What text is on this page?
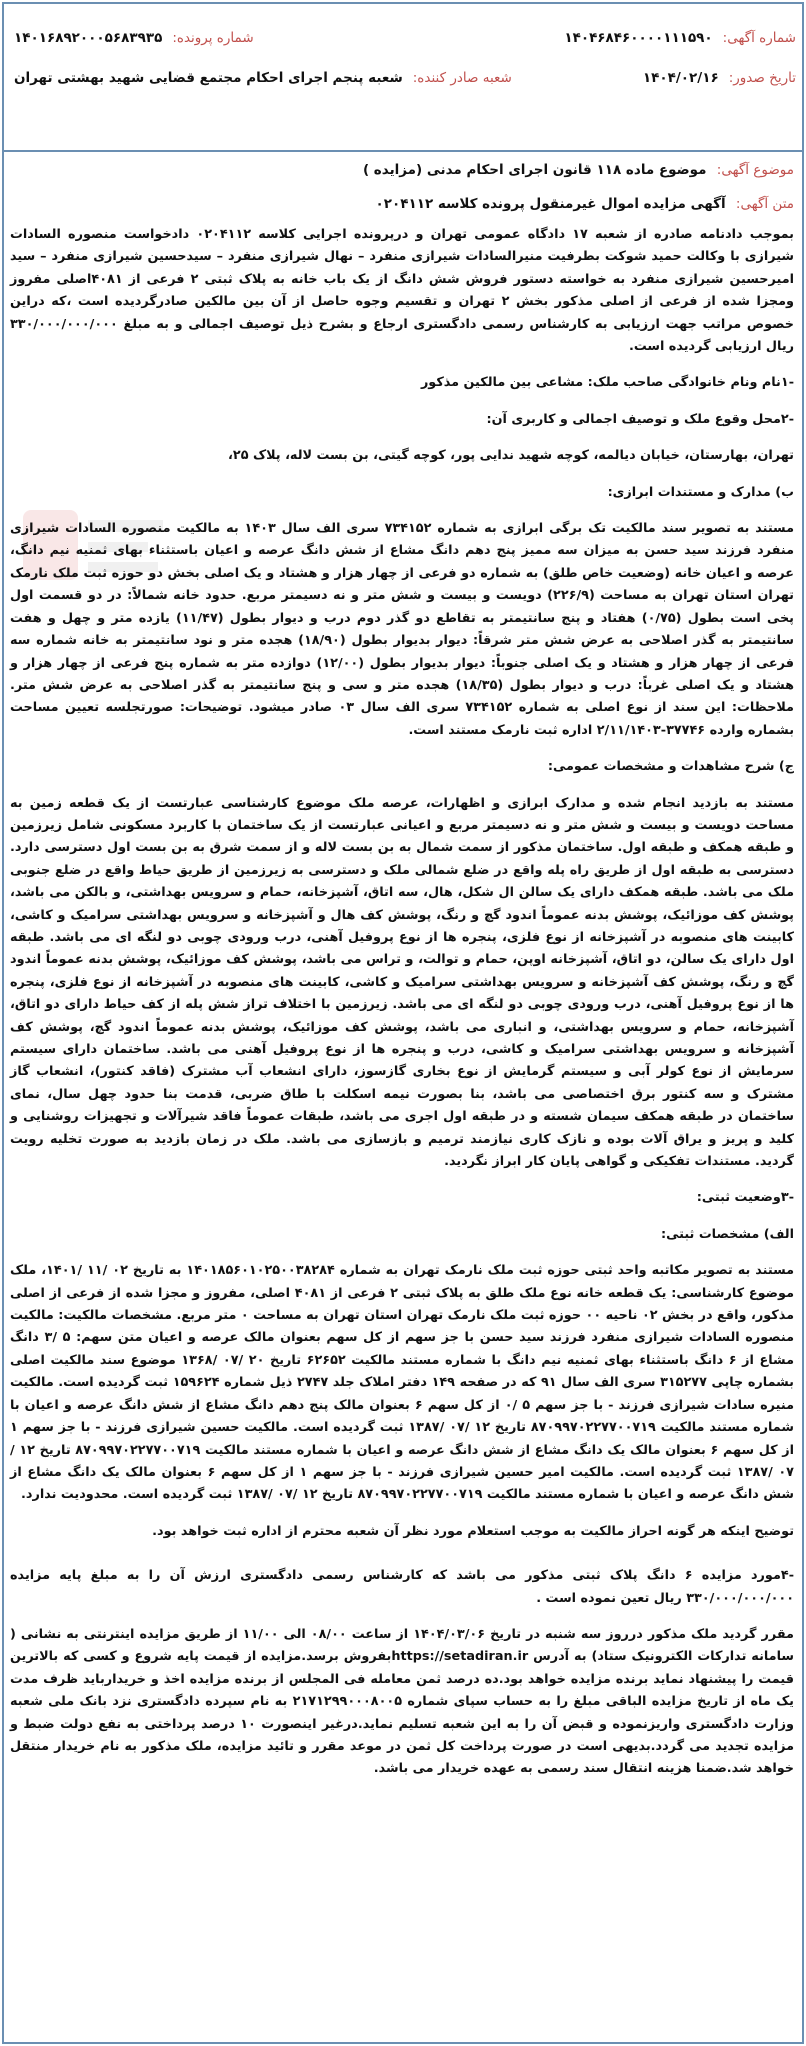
شماره آگهی:
۱۴۰۴۶۸۴۶۰۰۰۰۱۱۱۵۹۰
شماره پرونده:
۱۴۰۱۶۸۹۲۰۰۰۵۶۸۳۹۳۵
تاریخ صدور:
۱۴۰۴/۰۲/۱۶
شعبه صادر کننده:
شعبه پنجم اجرای احکام مجتمع قضایی شهید بهشتی تهران
موضوع آگهی: موضوع ماده ۱۱۸ قانون اجرای احکام مدنی (مزایده )
متن آگهی: آگهی مزایده اموال غیرمنقول پرونده کلاسه ۰۲۰۴۱۱۲

بموجب دادنامه صادره از شعبه ۱۷ دادگاه عمومی تهران و درپرونده اجرایی کلاسه ۰۲۰۴۱۱۲ دادخواست منصوره السادات شیرازی با وکالت حمید شوکت بطرفیت منیرالسادات شیرازی منفرد – نهال شیرازی منفرد – سیدحسین شیرازی منفرد – سید امیرحسین شیرازی منفرد به خواسته دستور فروش شش دانگ از یک باب خانه به پلاک ثبتی ۲ فرعی از ۴۰۸۱اصلی مفروز ومجزا شده از فرعی از اصلی مذکور بخش ۲ تهران و تقسیم وجوه حاصل از آن بین مالکین صادرگردیده است ،که دراین خصوص مراتب جهت ارزیابی به کارشناس رسمی دادگستری ارجاع و بشرح ذیل توصیف اجمالی و به مبلغ ۳۳۰/۰۰۰/۰۰۰/۰۰۰ ریال ارزیابی گردیده است.

-۱نام ونام خانوادگی صاحب ملک: مشاعی بین مالکین مذکور

-۲محل وقوع ملک و توصیف اجمالی و کاربری آن:

تهران، بهارستان، خیابان دیالمه، کوچه شهید ندایی پور، کوچه گیتی، بن بست لاله، پلاک ۲۵،

ب) مدارک و مستندات ابرازی:

مستند به تصویر سند مالکیت تک برگی ابرازی به شماره ۷۳۴۱۵۲ سری الف سال ۱۴۰۳ به مالکیت منصوره السادات شیرازی منفرد فرزند سید حسن به میزان سه ممیز پنج دهم دانگ مشاع از شش دانگ عرصه و اعیان باستثناء بهای ثمنیه نیم دانگ، عرصه و اعیان خانه (وضعیت خاص طلق) به شماره دو فرعی از چهار هزار و هشتاد و یک اصلی بخش دو حوزه ثبت ملک نارمک تهران استان تهران به مساحت (۲۲۶/۹) دویست و بیست و شش متر و نه دسیمتر مربع. حدود خانه شمالاً: در دو قسمت اول پخی است بطول (۰/۷۵) هفتاد و پنج سانتیمتر به تقاطع دو گذر دوم درب و دیوار بطول (۱۱/۴۷) یازده متر و چهل و هفت سانتیمتر به گذر اصلاحی به عرض شش متر شرقاً: دیوار بدیوار بطول (۱۸/۹۰) هجده متر و نود سانتیمتر به خانه شماره سه فرعی از چهار هزار و هشتاد و یک اصلی جنوباً: دیوار بدیوار بطول (۱۲/۰۰) دوازده متر به شماره پنج فرعی از چهار هزار و هشتاد و یک اصلی غرباً: درب و دیوار بطول (۱۸/۳۵) هجده متر و سی و پنج سانتیمتر به گذر اصلاحی به عرض شش متر. ملاحظات: این سند از نوع اصلی به شماره ۷۳۴۱۵۲ سری الف سال ۰۳ صادر میشود. توضیحات: صورتجلسه تعیین مساحت بشماره وارده ۳۷۷۴۶-۲/۱۱/۱۴۰۳ اداره ثبت نارمک مستند است.

ج) شرح مشاهدات و مشخصات عمومی:

مستند به بازدید انجام شده و مدارک ابرازی و اظهارات، عرصه ملک موضوع کارشناسی عبارتست از یک قطعه زمین به مساحت دویست و بیست و شش متر و نه دسیمتر مربع و اعیانی عبارتست از یک ساختمان با کاربرد مسکونی شامل زیرزمین و طبقه همکف و طبقه اول. ساختمان مذکور از سمت شمال به بن بست لاله و از سمت شرق به بن بست اول دسترسی دارد. دسترسی به طبقه اول از طریق راه پله واقع در ضلع شمالی ملک و دسترسی به زیرزمین از طریق حیاط واقع در ضلع جنوبی ملک می باشد. طبقه همکف دارای یک سالن ال شکل، هال، سه اتاق، آشپزخانه، حمام و سرویس بهداشتی، و بالکن می باشد، پوشش کف موزائیک، پوشش بدنه عموماً اندود گچ و رنگ، پوشش کف هال و آشپزخانه و سرویس بهداشتی سرامیک و کاشی، کابینت های منصوبه در آشپزخانه از نوع فلزی، پنجره ها از نوع پروفیل آهنی، درب ورودی چوبی دو لنگه ای می باشد. طبقه اول دارای یک سالن، دو اتاق، آشپزخانه اوپن، حمام و توالت، و تراس می باشد، پوشش کف موزائیک، پوشش بدنه عموماً اندود گچ و رنگ، پوشش کف آشپزخانه و سرویس بهداشتی سرامیک و کاشی، کابینت های منصوبه در آشپزخانه از نوع فلزی، پنجره ها از نوع پروفیل آهنی، درب ورودی چوبی دو لنگه ای می باشد. زیرزمین با اختلاف تراز شش پله از کف حیاط دارای دو اتاق، آشپزخانه، حمام و سرویس بهداشتی، و انباری می باشد، پوشش کف موزائیک، پوشش بدنه عموماً اندود گچ، پوشش کف آشپزخانه و سرویس بهداشتی سرامیک و کاشی، درب و پنجره ها از نوع پروفیل آهنی می باشد. ساختمان دارای سیستم سرمایش از نوع کولر آبی و سیستم گرمایش از نوع بخاری گازسوز، دارای انشعاب آب مشترک (فاقد کنتور)، انشعاب گاز مشترک و سه کنتور برق اختصاصی می باشد، بنا بصورت نیمه اسکلت با طاق ضربی، قدمت بنا حدود چهل سال، نمای ساختمان در طبقه همکف سیمان شسته و در طبقه اول اجری می باشد، طبقات عموماً فاقد شیرآلات و تجهیزات روشنایی و کلید و پریز و یراق آلات بوده و نازک کاری نیازمند ترمیم و بازسازی می باشد. ملک در زمان بازدید به صورت تخلیه رویت گردید. مستندات تفکیکی و گواهی پایان کار ابراز نگردید.

-۳وضعیت ثبتی:

الف) مشخصات ثبتی:

مستند به تصویر مکاتبه واحد ثبتی حوزه ثبت ملک نارمک تهران به شماره ۱۴۰۱۸۵۶۰۱۰۲۵۰۰۳۸۲۸۴ به تاریخ ۰۲ /۱۱ /۱۴۰۱، ملک موضوع کارشناسی: یک قطعه خانه نوع ملک طلق به پلاک ثبتی ۲ فرعی از ۴۰۸۱ اصلی، مفروز و مجزا شده از فرعی از اصلی مذکور، واقع در بخش ۰۲ ناحیه ۰۰ حوزه ثبت ملک نارمک تهران استان تهران به مساحت ۰ متر مربع. مشخصات مالکیت: مالکیت منصوره السادات شیرازی منفرد فرزند سید حسن با جز سهم از کل سهم بعنوان مالک عرصه و اعیان متن سهم: ۵ /۳ دانگ مشاع از ۶ دانگ باستثناء بهای ثمنیه نیم دانگ با شماره مستند مالکیت ۶۲۶۵۲ تاریخ ۲۰ /۰۷ /۱۳۶۸ موضوع سند مالکیت اصلی بشماره چاپی ۳۱۵۲۷۷ سری الف سال ۹۱ که در صفحه ۱۴۹ دفتر املاک جلد ۲۷۴۷ ذیل شماره ۱۵۹۶۲۴ ثبت گردیده است. مالکیت منیره سادات شیرازی فرزند - با جز سهم ۵ /۰ از کل سهم ۶ بعنوان مالک پنج دهم دانگ مشاع از شش دانگ عرصه و اعیان با شماره مستند مالکیت ۸۷۰۹۹۷۰۲۲۷۷۰۰۷۱۹ تاریخ ۱۲ /۰۷ /۱۳۸۷ ثبت گردیده است. مالکیت حسین شیرازی فرزند - با جز سهم ۱ از کل سهم ۶ بعنوان مالک یک دانگ مشاع از شش دانگ عرصه و اعیان با شماره مستند مالکیت ۸۷۰۹۹۷۰۲۲۷۷۰۰۷۱۹ تاریخ ۱۲ /۰۷ /۱۳۸۷ ثبت گردیده است. مالکیت امیر حسین شیرازی فرزند - با جز سهم ۱ از کل سهم ۶ بعنوان مالک یک دانگ مشاع از شش دانگ عرصه و اعیان با شماره مستند مالکیت ۸۷۰۹۹۷۰۲۲۷۷۰۰۷۱۹ تاریخ ۱۲ /۰۷ /۱۳۸۷ ثبت گردیده است. محدودیت ندارد.

توضیح اینکه هر گونه احراز مالکیت به موجب استعلام مورد نظر آن شعبه محترم از اداره ثبت خواهد بود.

-۴مورد مزایده ۶ دانگ پلاک ثبتی مذکور می باشد که کارشناس رسمی دادگستری ارزش آن را به مبلغ پایه مزایده ۳۳۰/۰۰۰/۰۰۰/۰۰۰ ریال تعین نموده است .

مقرر گردید ملک مذکور درروز سه شنبه در تاریخ ۱۴۰۴/۰۳/۰۶ از ساعت ۰۸/۰۰ الی ۱۱/۰۰ از طریق مزایده اینترنتی به نشانی ( سامانه تدارکات الکترونیک ستاد) به آدرس https://setadiran.irبفروش برسد.مزایده از قیمت پایه شروع و کسی که بالاترین قیمت را پیشنهاد نماید برنده مزایده خواهد بود.ده درصد ثمن معامله فی المجلس از برنده مزایده اخذ و خریدارباید ظرف مدت یک ماه از تاریخ مزایده الباقی مبلغ را به حساب سپای شماره ۲۱۷۱۲۹۹۰۰۰۸۰۰۵ به نام سپرده دادگستری نزد بانک ملی شعبه وزارت دادگستری واریزنموده و قبض آن را به این شعبه تسلیم نماید.درغیر اینصورت ۱۰ درصد پرداختی به نفع دولت ضبط و مزایده تجدید می گردد.بدیهی است در صورت پرداخت کل ثمن در موعد مقرر و تائید مزایده، ملک مذکور به نام خریدار منتقل خواهد شد.ضمنا هزینه انتقال سند رسمی به عهده خریدار می باشد.
